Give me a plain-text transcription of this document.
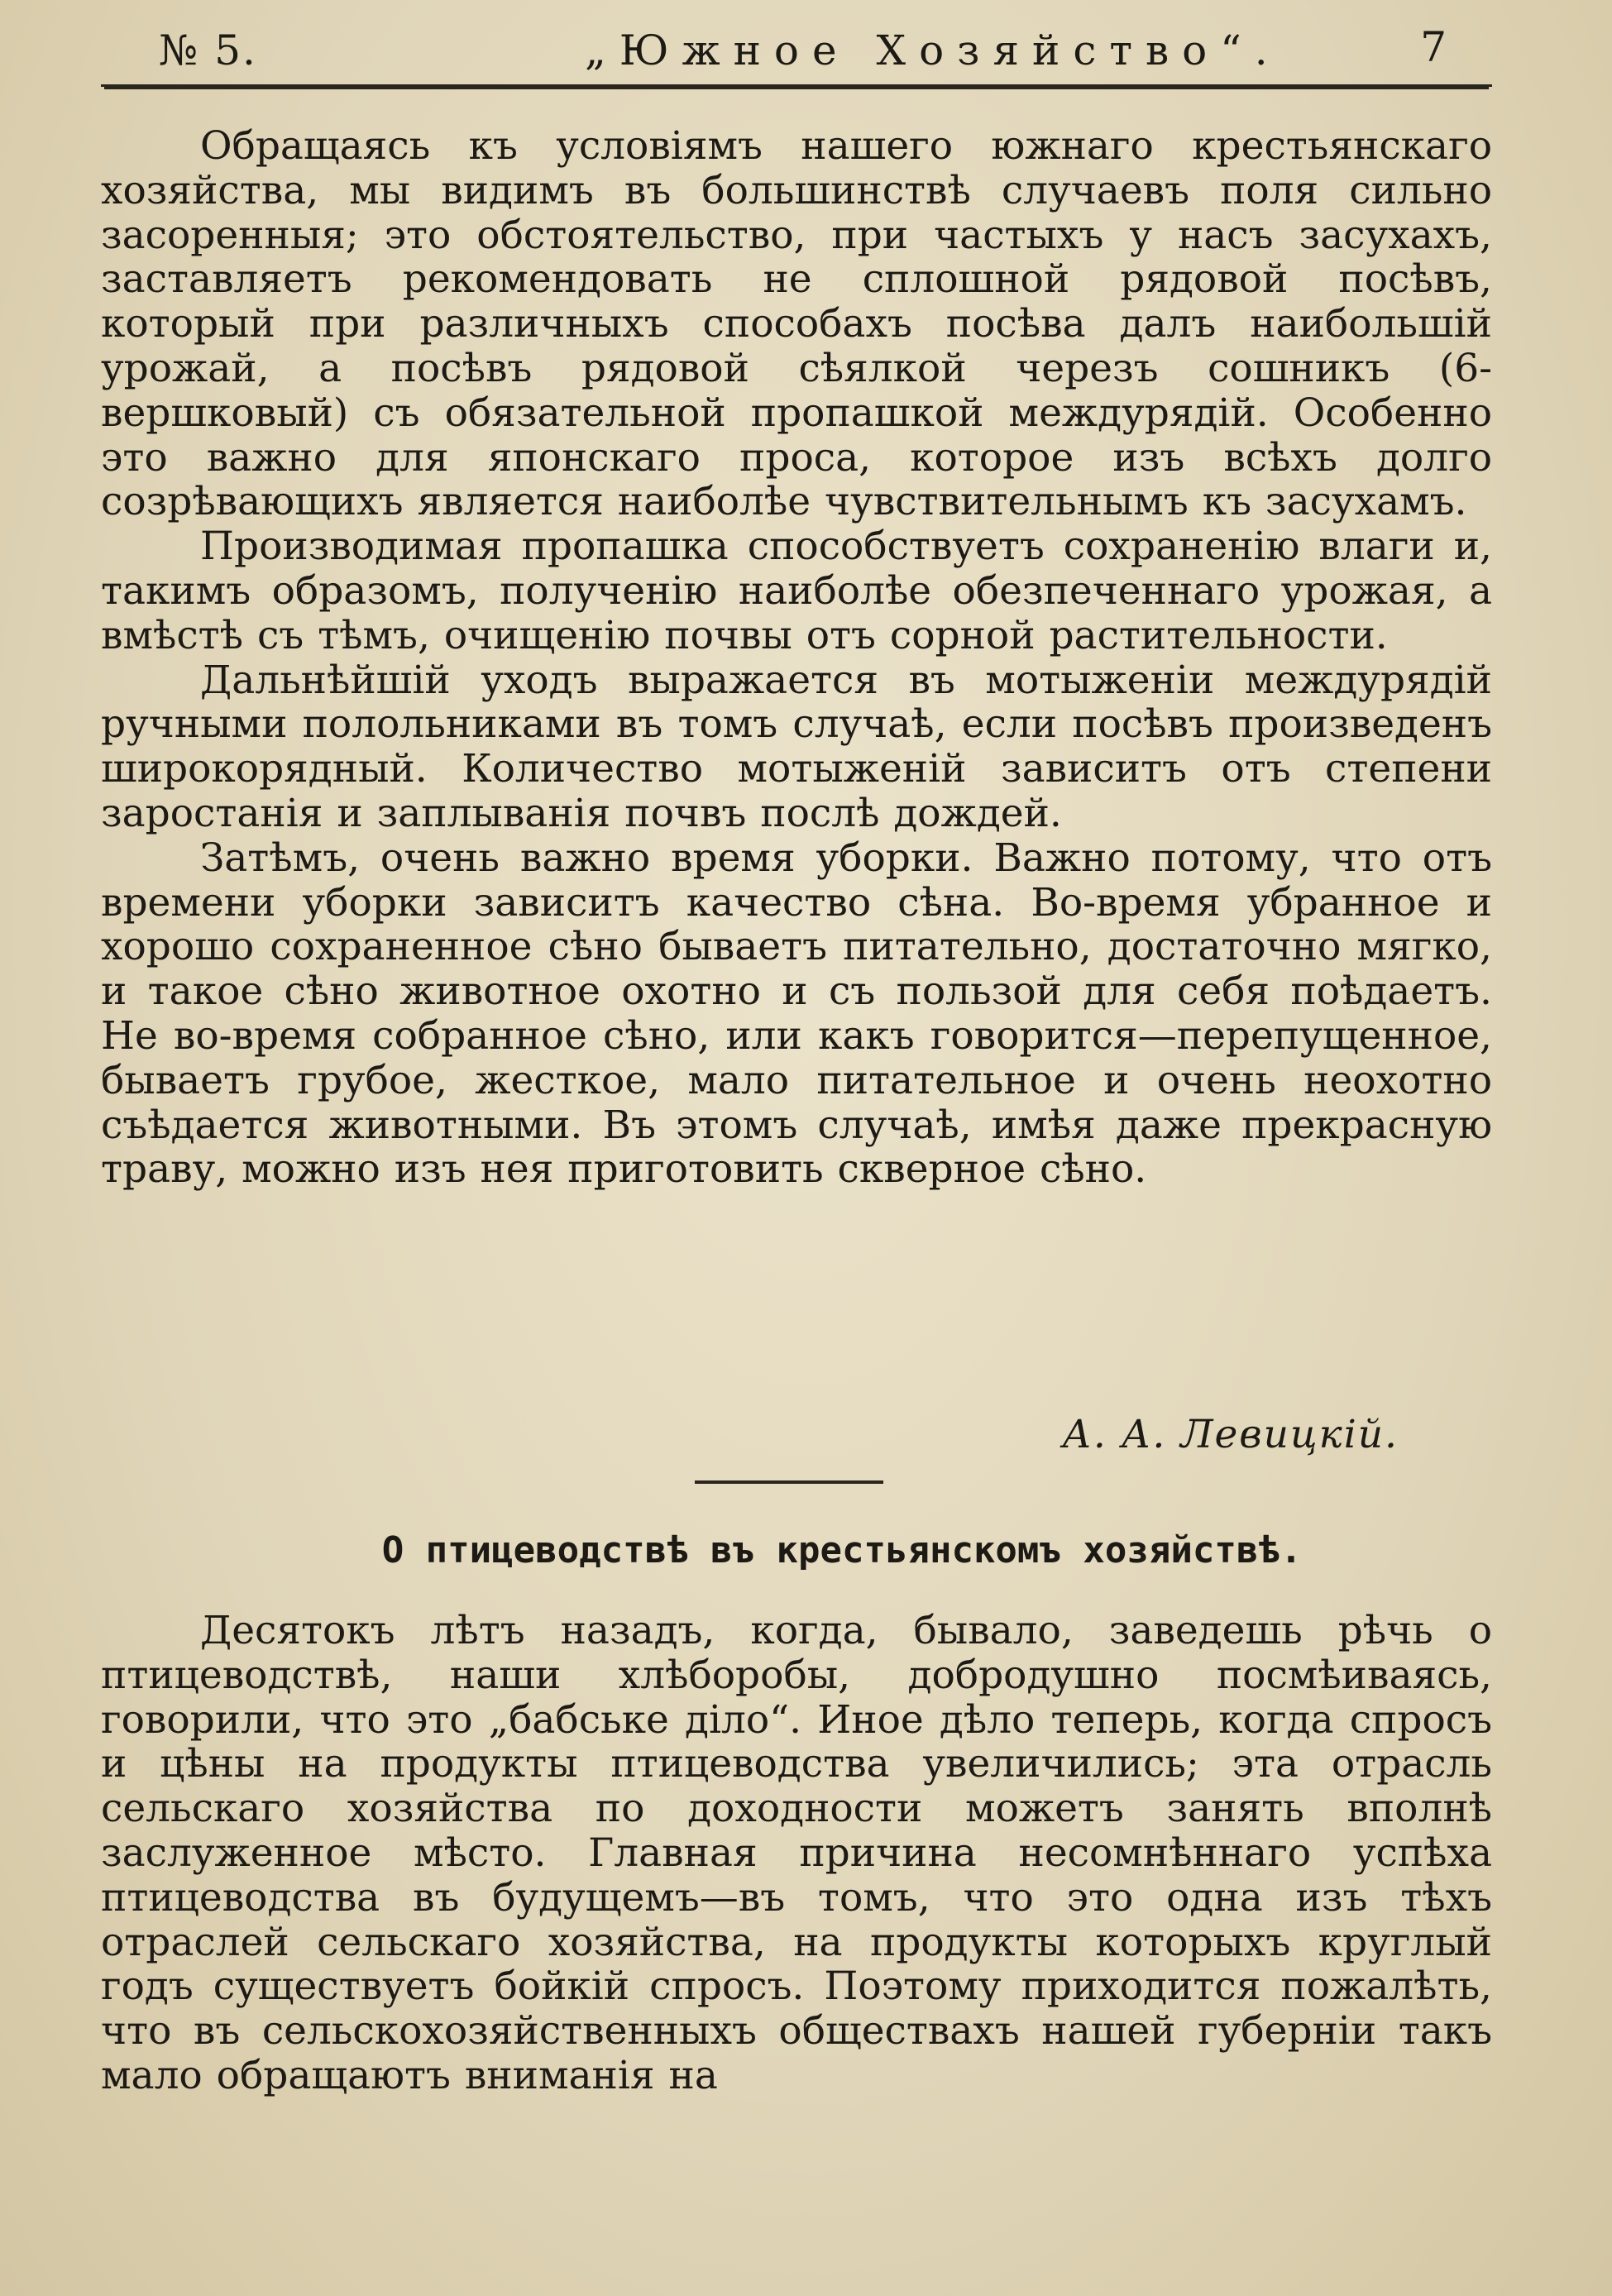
№ 5.	„Южное Хозяйство“.	7

Обращаясь къ условіямъ нашего южнаго крестьянскаго хозяйства, мы видимъ въ большинствѣ случаевъ поля сильно засоренныя; это обстоятельство, при частыхъ у насъ засухахъ, заставляетъ рекомендовать не сплошной рядовой посѣвъ, который при различныхъ способахъ посѣва далъ наибольшій урожай, а посѣвъ рядовой сѣялкой черезъ сошникъ (6-вершковый) съ обязательной пропашкой междурядій. Особенно это важно для японскаго проса, которое изъ всѣхъ долго созрѣвающихъ является наиболѣе чувствительнымъ къ засухамъ.

Производимая пропашка способствуетъ сохраненію влаги и, такимъ образомъ, полученію наиболѣе обезпеченнаго урожая, а вмѣстѣ съ тѣмъ, очищенію почвы отъ сорной растительности.

Дальнѣйшій уходъ выражается въ мотыженіи междурядій ручными полольниками въ томъ случаѣ, если посѣвъ произведенъ широкорядный. Количество мотыженій зависитъ отъ степени заростанія и заплыванія почвъ послѣ дождей.

Затѣмъ, очень важно время уборки. Важно потому, что отъ времени уборки зависитъ качество сѣна. Во-время убранное и хорошо сохраненное сѣно бываетъ питательно, достаточно мягко, и такое сѣно животное охотно и съ пользой для себя поѣдаетъ. Не во-время собранное сѣно, или какъ говорится—перепущенное, бываетъ грубое, жесткое, мало питательное и очень неохотно съѣдается животными. Въ этомъ случаѣ, имѣя даже прекрасную траву, можно изъ нея приготовить скверное сѣно.

А. А. Левицкій.
О птицеводствѣ въ крестьянскомъ хозяйствѣ.

Десятокъ лѣтъ назадъ, когда, бывало, заведешь рѣчь о птицеводствѣ, наши хлѣборобы, добродушно посмѣиваясь, говорили, что это „бабське діло“. Иное дѣло теперь, когда спросъ и цѣны на продукты птицеводства увеличились; эта отрасль сельскаго хозяйства по доходности можетъ занять вполнѣ заслуженное мѣсто. Главная причина несомнѣннаго успѣха птицеводства въ будущемъ—въ томъ, что это одна изъ тѣхъ отраслей сельскаго хозяйства, на продукты которыхъ круглый годъ существуетъ бойкій спросъ. Поэтому приходится пожалѣть, что въ сельскохозяйственныхъ обществахъ нашей губерніи такъ мало обращаютъ вниманія на
